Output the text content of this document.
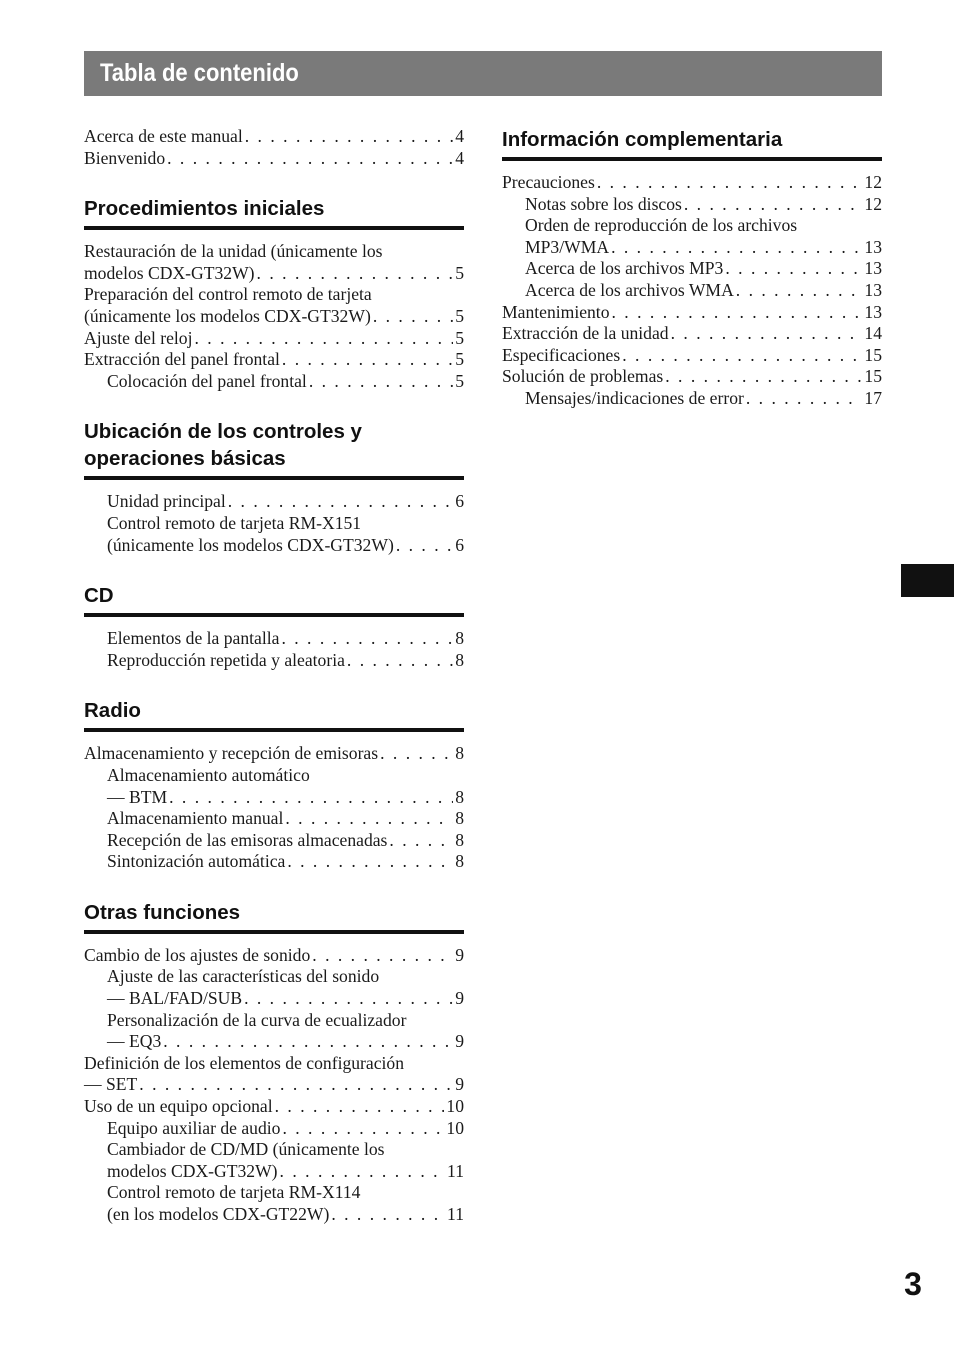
Tabla de contenido
Acerca de este manual . . .	4
Bienvenido . . .	4
Procedimientos iniciales
Restauración de la unidad (únicamente los
modelos CDX-GT32W) . . .	5
Preparación del control remoto de tarjeta
(únicamente los modelos CDX-GT32W) . . .	5
Ajuste del reloj . . .	5
Extracción del panel frontal . . .	5
Colocación del panel frontal . . .	5
Ubicación de los controles y
operaciones básicas
Unidad principal . . .	6
Control remoto de tarjeta RM-X151
(únicamente los modelos CDX-GT32W) . . .	6
CD
Elementos de la pantalla . . .	8
Reproducción repetida y aleatoria . . .	8
Radio
Almacenamiento y recepción de emisoras . . .	8
Almacenamiento automático
— BTM . . .	8
Almacenamiento manual . . .	8
Recepción de las emisoras almacenadas . . .	8
Sintonización automática . . .	8
Otras funciones
Cambio de los ajustes de sonido . . .	9
Ajuste de las características del sonido
— BAL/FAD/SUB . . .	9
Personalización de la curva de ecualizador
— EQ3 . . .	9
Definición de los elementos de configuración
— SET . . .	9
Uso de un equipo opcional . . .	10
Equipo auxiliar de audio . . .	10
Cambiador de CD/MD (únicamente los
modelos CDX-GT32W) . . .	11
Control remoto de tarjeta RM-X114
(en los modelos CDX-GT22W) . . .	11
Información complementaria
Precauciones . . .	12
Notas sobre los discos . . .	12
Orden de reproducción de los archivos
MP3/WMA . . .	13
Acerca de los archivos MP3 . . .	13
Acerca de los archivos WMA . . .	13
Mantenimiento . . .	13
Extracción de la unidad . . .	14
Especificaciones . . .	15
Solución de problemas . . .	15
Mensajes/indicaciones de error . . .	17
3
